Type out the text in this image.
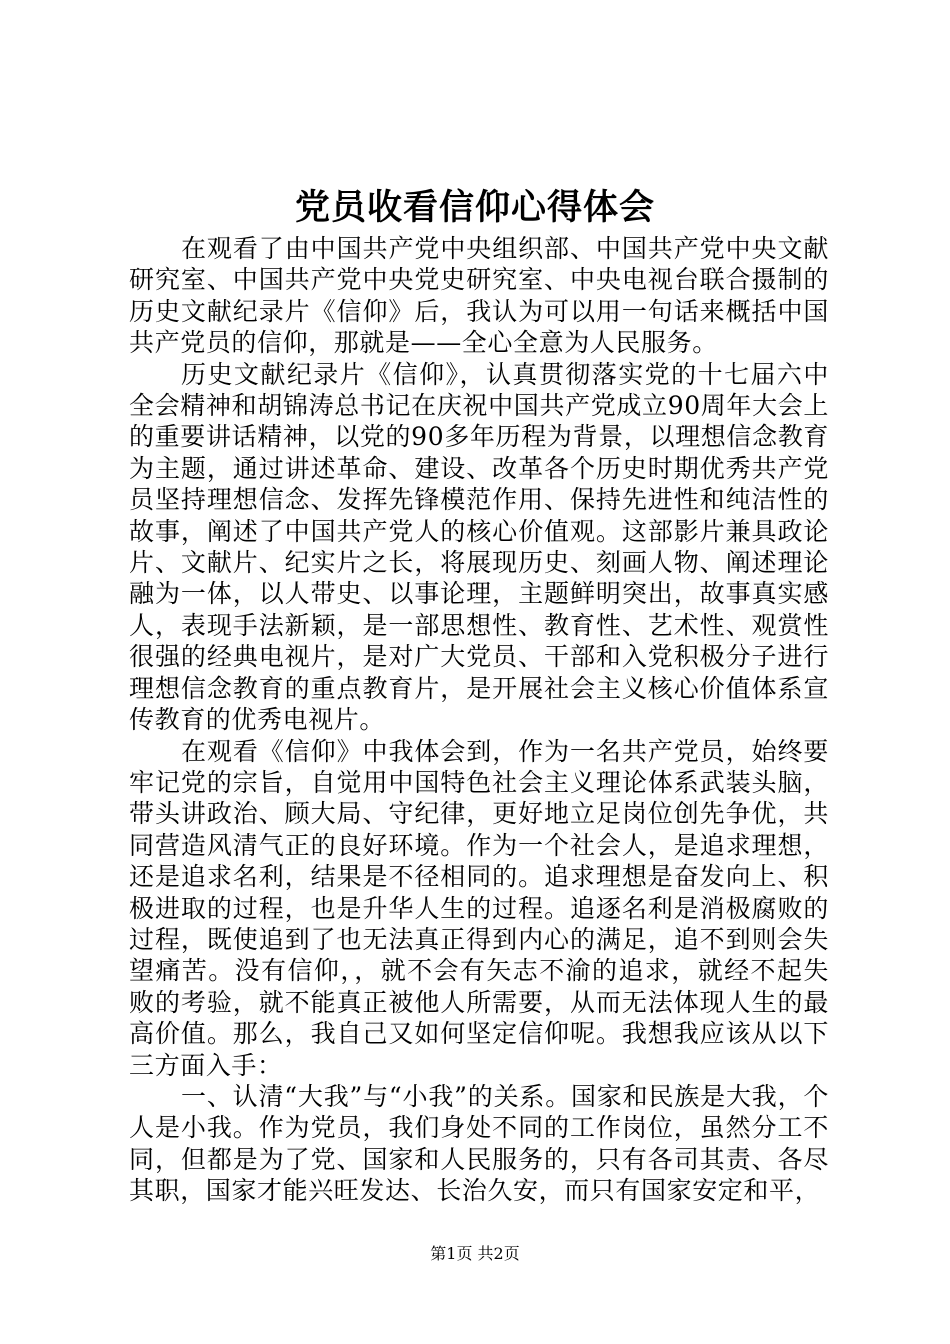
党员收看信仰心得体会

在观看了由中国共产党中央组织部、中国共产党中央文献研究室、中国共产党中央党史研究室、中央电视台联合摄制的历史文献纪录片《信仰》后，我认为可以用一句话来概括中国共产党员的信仰，那就是——全心全意为人民服务。

历史文献纪录片《信仰》，认真贯彻落实党的十七届六中全会精神和胡锦涛总书记在庆祝中国共产党成立90周年大会上的重要讲话精神，以党的90多年历程为背景，以理想信念教育为主题，通过讲述革命、建设、改革各个历史时期优秀共产党员坚持理想信念、发挥先锋模范作用、保持先进性和纯洁性的故事，阐述了中国共产党人的核心价值观。这部影片兼具政论片、文献片、纪实片之长，将展现历史、刻画人物、阐述理论融为一体，以人带史、以事论理，主题鲜明突出，故事真实感人，表现手法新颖，是一部思想性、教育性、艺术性、观赏性很强的经典电视片，是对广大党员、干部和入党积极分子进行理想信念教育的重点教育片，是开展社会主义核心价值体系宣传教育的优秀电视片。

在观看《信仰》中我体会到，作为一名共产党员，始终要牢记党的宗旨，自觉用中国特色社会主义理论体系武装头脑，带头讲政治、顾大局、守纪律，更好地立足岗位创先争优，共同营造风清气正的良好环境。作为一个社会人，是追求理想，还是追求名利，结果是不径相同的。追求理想是奋发向上、积极进取的过程，也是升华人生的过程。追逐名利是消极腐败的过程，既使追到了也无法真正得到内心的满足，追不到则会失望痛苦。没有信仰，，就不会有矢志不渝的追求，就经不起失败的考验，就不能真正被他人所需要，从而无法体现人生的最高价值。那么，我自己又如何坚定信仰呢。我想我应该从以下三方面入手：

一、认清“大我”与“小我”的关系。国家和民族是大我，个人是小我。作为党员，我们身处不同的工作岗位，虽然分工不同，但都是为了党、国家和人民服务的，只有各司其责、各尽其职，国家才能兴旺发达、长治久安，而只有国家安定和平，

第1页 共2页
